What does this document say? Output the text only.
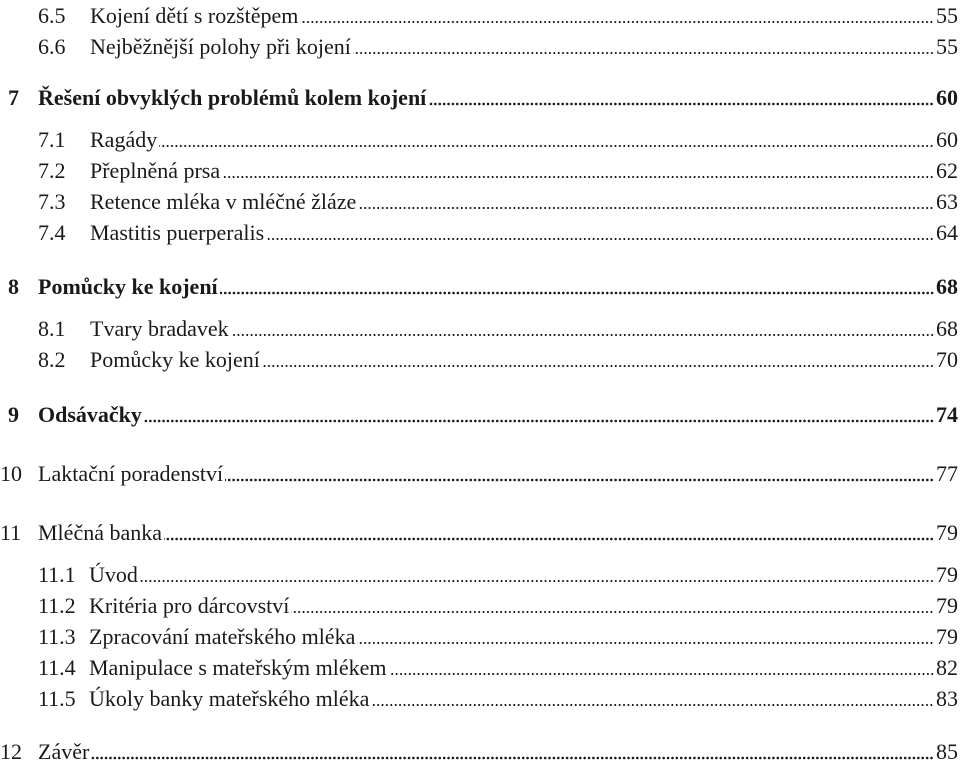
6.5 Kojení dětí s rozštěpem	55
6.6 Nejběžnější polohy při kojení	55
7 Řešení obvyklých problémů kolem kojení	60
7.1 Ragády	60
7.2 Přeplněná prsa	62
7.3 Retence mléka v mléčné žláze	63
7.4 Mastitis puerperalis	64
8 Pomůcky ke kojení	68
8.1 Tvary bradavek	68
8.2 Pomůcky ke kojení	70
9 Odsávačky	74
10 Laktační poradenství	77
11 Mléčná banka	79
11.1 Úvod	79
11.2 Kritéria pro dárcovství	79
11.3 Zpracování mateřského mléka	79
11.4 Manipulace s mateřským mlékem	82
11.5 Úkoly banky mateřského mléka	83
12 Závěr	85
